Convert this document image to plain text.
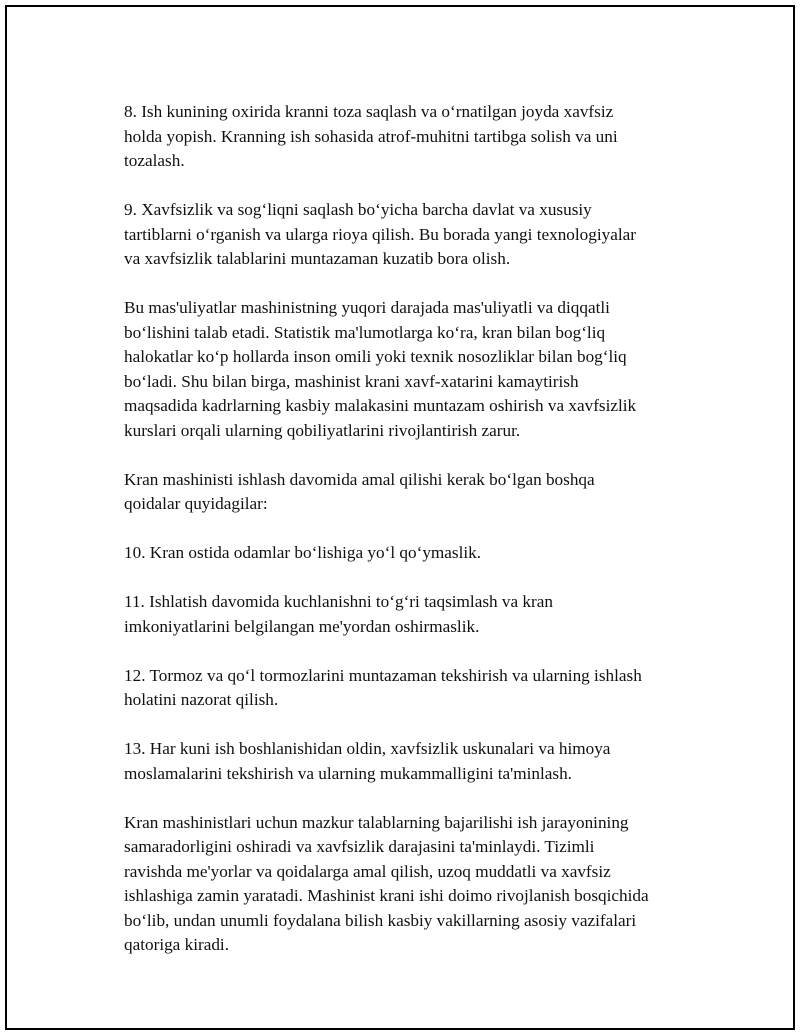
8. Ish kunining oxirida kranni toza saqlash va o‘rnatilgan joyda xavfsiz
holda yopish. Kranning ish sohasida atrof-muhitni tartibga solish va uni
tozalash.

9. Xavfsizlik va sog‘liqni saqlash bo‘yicha barcha davlat va xususiy
tartiblarni o‘rganish va ularga rioya qilish. Bu borada yangi texnologiyalar
va xavfsizlik talablarini muntazaman kuzatib bora olish.

Bu mas'uliyatlar mashinistning yuqori darajada mas'uliyatli va diqqatli
bo‘lishini talab etadi. Statistik ma'lumotlarga ko‘ra, kran bilan bog‘liq
halokatlar ko‘p hollarda inson omili yoki texnik nosozliklar bilan bog‘liq
bo‘ladi. Shu bilan birga, mashinist krani xavf-xatarini kamaytirish
maqsadida kadrlarning kasbiy malakasini muntazam oshirish va xavfsizlik
kurslari orqali ularning qobiliyatlarini rivojlantirish zarur.

Kran mashinisti ishlash davomida amal qilishi kerak bo‘lgan boshqa
qoidalar quyidagilar:

10. Kran ostida odamlar bo‘lishiga yo‘l qo‘ymaslik.

11. Ishlatish davomida kuchlanishni to‘g‘ri taqsimlash va kran
imkoniyatlarini belgilangan me'yordan oshirmaslik.

12. Tormoz va qo‘l tormozlarini muntazaman tekshirish va ularning ishlash
holatini nazorat qilish.

13. Har kuni ish boshlanishidan oldin, xavfsizlik uskunalari va himoya
moslamalarini tekshirish va ularning mukammalligini ta'minlash.

Kran mashinistlari uchun mazkur talablarning bajarilishi ish jarayonining
samaradorligini oshiradi va xavfsizlik darajasini ta'minlaydi. Tizimli
ravishda me'yorlar va qoidalarga amal qilish, uzoq muddatli va xavfsiz
ishlashiga zamin yaratadi. Mashinist krani ishi doimo rivojlanish bosqichida
bo‘lib, undan unumli foydalana bilish kasbiy vakillarning asosiy vazifalari
qatoriga kiradi.
